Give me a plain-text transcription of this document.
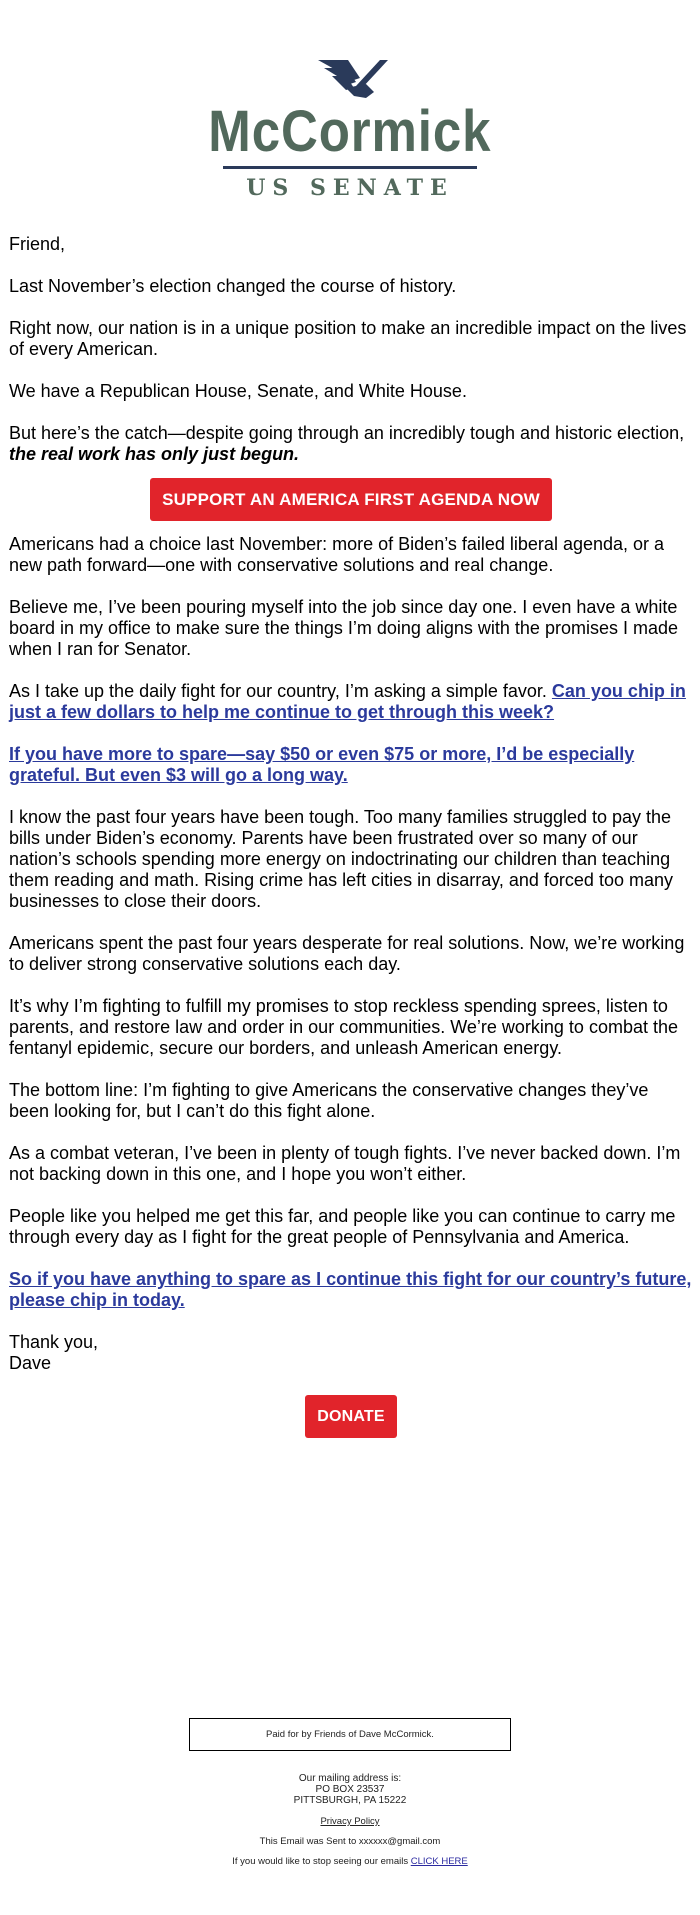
McCormick
US SENATE

Friend,

Last November’s election changed the course of history.

Right now, our nation is in a unique position to make an incredible impact on the lives of every American.

We have a Republican House, Senate, and White House.

But here’s the catch—despite going through an incredibly tough and historic election, the real work has only just begun.

SUPPORT AN AMERICA FIRST AGENDA NOW

Americans had a choice last November: more of Biden’s failed liberal agenda, or a new path forward—one with conservative solutions and real change.

Believe me, I’ve been pouring myself into the job since day one. I even have a white board in my office to make sure the things I’m doing aligns with the promises I made when I ran for Senator.

As I take up the daily fight for our country, I’m asking a simple favor. Can you chip in just a few dollars to help me continue to get through this week?

If you have more to spare—say $50 or even $75 or more, I’d be especially grateful. But even $3 will go a long way.

I know the past four years have been tough. Too many families struggled to pay the bills under Biden’s economy. Parents have been frustrated over so many of our nation’s schools spending more energy on indoctrinating our children than teaching them reading and math. Rising crime has left cities in disarray, and forced too many businesses to close their doors.

Americans spent the past four years desperate for real solutions. Now, we’re working to deliver strong conservative solutions each day.

It’s why I’m fighting to fulfill my promises to stop reckless spending sprees, listen to parents, and restore law and order in our communities. We’re working to combat the fentanyl epidemic, secure our borders, and unleash American energy.

The bottom line: I’m fighting to give Americans the conservative changes they’ve been looking for, but I can’t do this fight alone.

As a combat veteran, I’ve been in plenty of tough fights. I’ve never backed down. I’m not backing down in this one, and I hope you won’t either.

People like you helped me get this far, and people like you can continue to carry me through every day as I fight for the great people of Pennsylvania and America.

So if you have anything to spare as I continue this fight for our country’s future, please chip in today.

Thank you,
Dave

DONATE
Paid for by Friends of Dave McCormick.
Our mailing address is:
PO BOX 23537
PITTSBURGH, PA 15222
Privacy Policy
This Email was Sent to xxxxxx@gmail.com
If you would like to stop seeing our emails CLICK HERE
